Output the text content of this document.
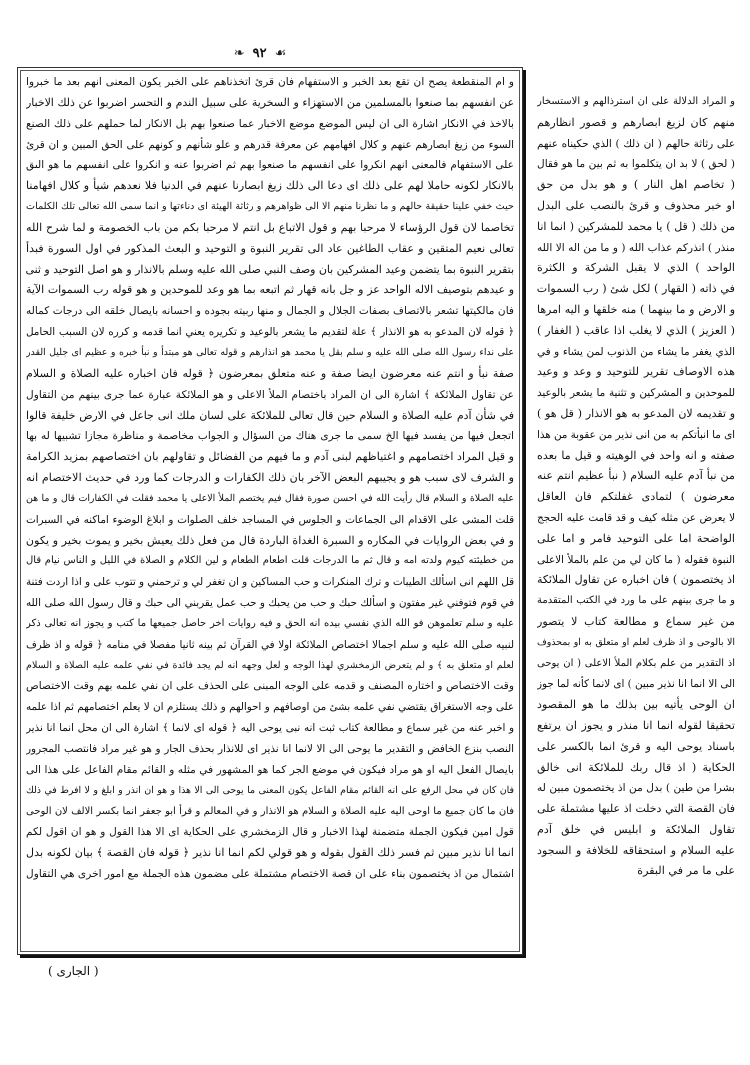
☙
٩٢
❧
و ام المنقطعة يصح ان تقع بعد الخبر و الاستفهام فان قرئ اتخذناهم على الخبر يكون المعنى انهم بعد ما خبروا
عن انفسهم بما صنعوا بالمسلمين من الاستهزاء و السخرية على سبيل الندم و التحسر اضربوا عن ذلك الاخبار
بالاخذ في الانكار اشارة الى ان ليس الموضع موضع الاخبار عما صنعوا بهم بل الانكار لما حملهم على ذلك الصنع
السوء من زيغ ابصارهم عنهم و كلال افهامهم عن معرفة قدرهم و علو شأنهم و كونهم على الحق المبين و ان قرئ
على الاستفهام فالمعنى انهم انكروا على انفسهم ما صنعوا بهم ثم اضربوا عنه و انكروا على انفسهم ما هو الىق
بالانكار لكونه حاملا لهم على ذلك اى دعا الى ذلك زيغ ابصارنا عنهم في الدنيا فلا نعدهم شيأ و كلال افهامنا
حيث خفي علينا حقيقة حالهم و ما نظرنا منهم الا الى ظواهرهم و رثاثة الهيئة اى دناءتها و انما سمى الله تعالى تلك الكلمات
تخاصما لان قول الرؤساء لا مرحبا بهم و قول الاتباع بل انتم لا مرحبا بكم من باب الخصومة و لما شرح الله
تعالى نعيم المتقين و عقاب الطاغين عاد الى تقرير النبوة و التوحيد و البعث المذكور في اول السورة فبدأ
بتقرير النبوة بما يتضمن وعيد المشركين بان وصف النبي صلى الله عليه وسلم بالانذار و هو اصل التوحيد و ثنى
و عيدهم بتوصيف الاله الواحد عز و جل بانه قهار ثم اتبعه بما هو وعد للموحدين و هو قوله رب السموات الآية
فان مالكيتها تشعر بالاتصاف بصفات الجلال و الجمال و منها ربيته بجوده و احسانه بايصال خلقه الى درجات كماله
﴿ قوله لان المدعو به هو الانذار ﴾ علة لتقديم ما يشعر بالوعيد و تكريره يعني انما قدمه و كرره لان السبب الحامل
على نداء رسول الله صلى الله عليه و سلم بقل يا محمد هو انذارهم و قوله تعالى هو مبتدأ و نبأ خبره و عظيم اى جليل القدر
صفة نبأ و انتم عنه معرضون ايضا صفة و عنه متعلق بمعرضون ﴿ قوله فان اخباره عليه الصلاة و السلام
عن تقاول الملائكة ﴾ اشارة الى ان المراد باختصام الملأ الاعلى و هو الملائكة عبارة عما جرى بينهم من التقاول
في شأن آدم عليه الصلاة و السلام حين قال تعالى للملائكة على لسان ملك انى جاعل في الارض خليفة قالوا
اتجعل فيها من يفسد فيها الخ سمى ما جرى هناك من السؤال و الجواب مخاصمة و مناظرة مجازا تشبيها له بها
و قيل المراد اختصامهم و اغتياظهم لبنى آدم و ما فيهم من الفضائل و تقاولهم بان اختصاصهم بمزيد الكرامة
و الشرف لاى سبب هو و يجيبهم البعض الآخر بان ذلك الكفارات و الدرجات كما ورد في حديث الاختصام انه
عليه الصلاة و السلام قال رأيت الله في احسن صورة فقال فيم يختصم الملأ الاعلى يا محمد فقلت في الكفارات قال و ما هن
قلت المشى على الاقدام الى الجماعات و الجلوس في المساجد خلف الصلوات و ابلاغ الوضوء اماكنه في السبرات
و في بعض الروايات في المكاره و السبرة الغداة الباردة قال من فعل ذلك يعيش بخير و يموت بخير و يكون
من خطيئته كيوم ولدته امه و قال ثم ما الدرجات قلت اطعام الطعام و لين الكلام و الصلاة في الليل و الناس نيام قال
قل اللهم انى اسألك الطيبات و ترك المنكرات و حب المساكين و ان تغفر لي و ترحمني و تتوب على و اذا اردت فتنة
في قوم فتوفني غير مفتون و اسألك حبك و حب من يحبك و حب عمل يقربني الى حبك و قال رسول الله صلى الله
عليه و سلم تعلموهن فو الله الذي نفسي بيده انه الحق و فيه روايات اخر حاصل جميعها ما كتب و يجوز انه تعالى ذكر
لنبيه صلى الله عليه و سلم اجمالا اختصاص الملائكة اولا في القرآن ثم بينه ثانيا مفصلا في منامه ﴿ قوله و اذ ظرف
لعلم او متعلق به ﴾ و لم يتعرض الزمخشري لهذا الوجه و لعل وجهه انه لم يجد فائدة في نفي علمه عليه الصلاة و السلام
وقت الاختصاص و اختاره المصنف و قدمه على الوجه المبنى على الحذف على ان نفي علمه بهم وقت الاختصاص
على وجه الاستغراق يقتضي نفي علمه بشئ من اوصافهم و احوالهم و ذلك يستلزم ان لا يعلم اختصامهم ثم اذا علمه
و اخبر عنه من غير سماع و مطالعة كتاب ثبت انه نبى يوحى اليه ﴿ قوله اى لانما ﴾ اشارة الى ان محل انما انا نذير
النصب بنزع الخافض و التقدير ما يوحى الى الا لانما انا نذير اى للانذار بحذف الجار و هو غير مراد فانتصب المجرور
بايصال الفعل اليه او هو مراد فيكون في موضع الجر كما هو المشهور في مثله و القائم مقام الفاعل على هذا الى
فان كان في محل الرفع على انه القائم مقام الفاعل يكون المعنى ما يوحى الى الا هذا و هو ان انذر و ابلغ و لا افرط في ذلك
فان ما كان جميع ما اوحى اليه عليه الصلاة و السلام هو الانذار و في المعالم و قرأ ابو جعفر انما بكسر الالف لان الوحى
قول امين فيكون الجملة متضمنة لهذا الاخبار و قال الزمخشري على الحكاية اى الا هذا القول و هو ان اقول لكم
انما انا نذير مبين ثم فسر ذلك القول بقوله و هو قولي لكم انما انا نذير ﴿ قوله فان القصة ﴾ بيان لكونه بدل
اشتمال من اذ يختصمون بناء على ان قصة الاختصام مشتملة على مضمون هذه الجملة مع امور اخرى هي التقاول
و المراد الدلالة على ان استرذالهم و الاستسخار
منهم كان لزيغ ابصارهم و قصور انظارهم
على رثاثة حالهم ( ان ذلك ) الذي حكيناه عنهم
( لحق ) لا بد ان يتكلموا به ثم بين ما هو فقال
( تخاصم اهل النار ) و هو بدل من حق
او خبر محذوف و قرئ بالنصب على البدل
من ذلك ( قل ) يا محمد للمشركين ( انما انا
منذر ) انذركم عذاب الله ( و ما من اله الا الله
الواحد ) الذي لا يقبل الشركة و الكثرة
في ذاته ( القهار ) لكل شئ ( رب السموات
و الارض و ما بينهما ) منه خلقها و اليه امرها
( العزيز ) الذي لا يغلب اذا عاقب ( الغفار )
الذي يغفر ما يشاء من الذنوب لمن يشاء و في
هذه الاوصاف تقرير للتوحيد و وعد و وعيد
للموحدين و المشركين و تثنية ما يشعر بالوعيد
و تقديمه لان المدعو به هو الانذار ( قل هو )
اى ما انبأتكم به من انى نذير من عقوبة من هذا
صفته و انه واحد في الوهيته و قيل ما بعده
من نبأ آدم عليه السلام ( نبأ عظيم انتم عنه
معرضون ) لتمادى غفلتكم فان العاقل
لا يعرض عن مثله كيف و قد قامت عليه الحجج
الواضحة اما على التوحيد فامر و اما على
النبوة فقوله ( ما كان لي من علم بالملأ الاعلى
اذ يختصمون ) فان اخباره عن تقاول الملائكة
و ما جرى بينهم على ما ورد في الكتب المتقدمة
من غير سماع و مطالعة كتاب لا يتصور
الا بالوحى و اذ ظرف لعلم او متعلق به او بمحذوف
اذ التقدير من علم بكلام الملأ الاعلى ( ان يوحى
الى الا انما انا نذير مبين ) اى لانما كأنه لما جوز
ان الوحى يأتيه بين بذلك ما هو المقصود
تحقيقا لقوله انما انا منذر و يجوز ان يرتفع
باسناد يوحى اليه و قرئ انما بالكسر على
الحكاية ( اذ قال ربك للملائكة انى خالق
بشرا من طين ) بدل من اذ يختصمون مبين له
فان القصة التي دخلت اذ عليها مشتملة على
تقاول الملائكة و ابليس في خلق آدم
عليه السلام و استحقاقه للخلافة و السجود
على ما مر في البقرة
( الجارى )
